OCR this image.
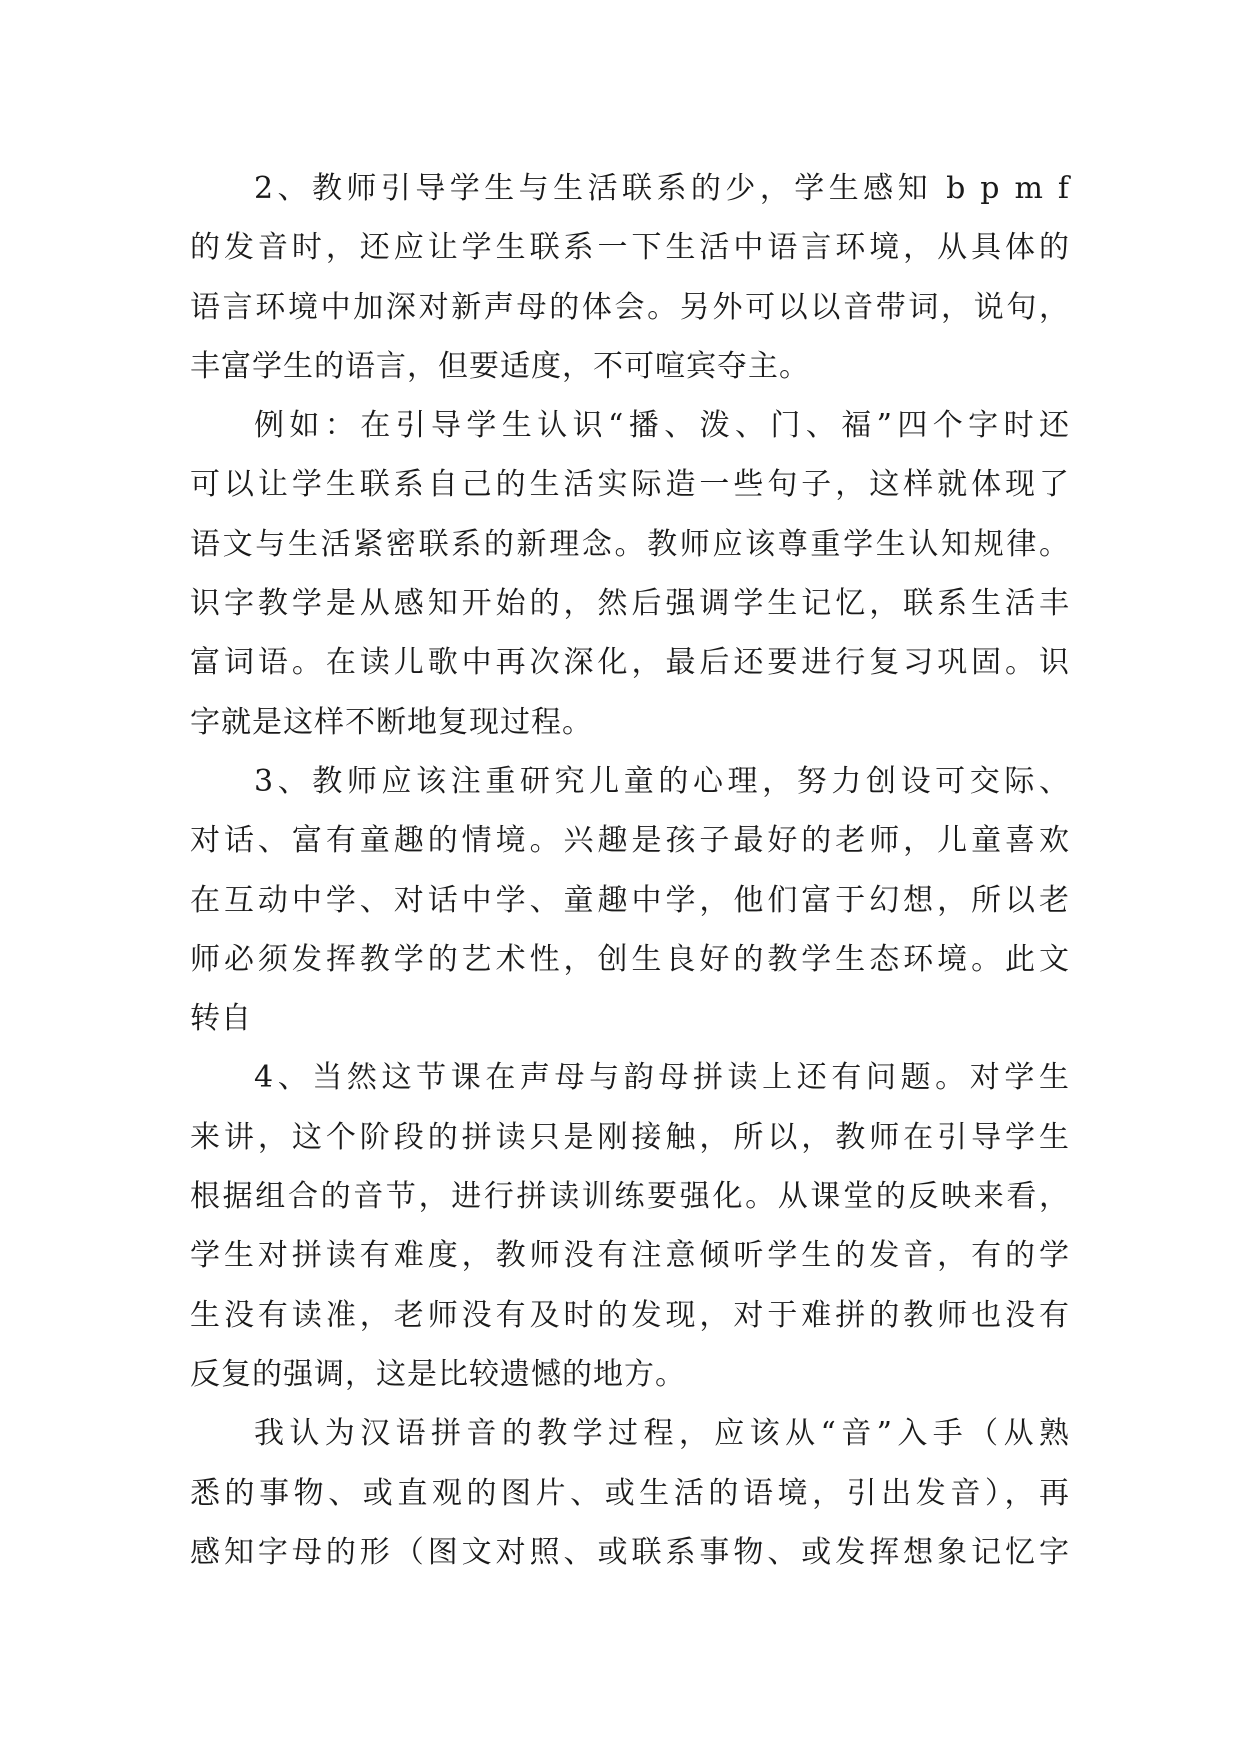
2、教师引导学生与生活联系的少，学生感知 b p m f
的发音时，还应让学生联系一下生活中语言环境，从具体的
语言环境中加深对新声母的体会。另外可以以音带词，说句，
丰富学生的语言，但要适度，不可喧宾夺主。
例如：在引导学生认识“播、泼、门、福”四个字时还
可以让学生联系自己的生活实际造一些句子，这样就体现了
语文与生活紧密联系的新理念。教师应该尊重学生认知规律。
识字教学是从感知开始的，然后强调学生记忆，联系生活丰
富词语。在读儿歌中再次深化，最后还要进行复习巩固。识
字就是这样不断地复现过程。
3、教师应该注重研究儿童的心理，努力创设可交际、
对话、富有童趣的情境。兴趣是孩子最好的老师，儿童喜欢
在互动中学、对话中学、童趣中学，他们富于幻想，所以老
师必须发挥教学的艺术性，创生良好的教学生态环境。此文
转自
4、当然这节课在声母与韵母拼读上还有问题。对学生
来讲，这个阶段的拼读只是刚接触，所以，教师在引导学生
根据组合的音节，进行拼读训练要强化。从课堂的反映来看，
学生对拼读有难度，教师没有注意倾听学生的发音，有的学
生没有读准，老师没有及时的发现，对于难拼的教师也没有
反复的强调，这是比较遗憾的地方。
我认为汉语拼音的教学过程，应该从“音”入手（从熟
悉的事物、或直观的图片、或生活的语境，引出发音），再
感知字母的形（图文对照、或联系事物、或发挥想象记忆字
